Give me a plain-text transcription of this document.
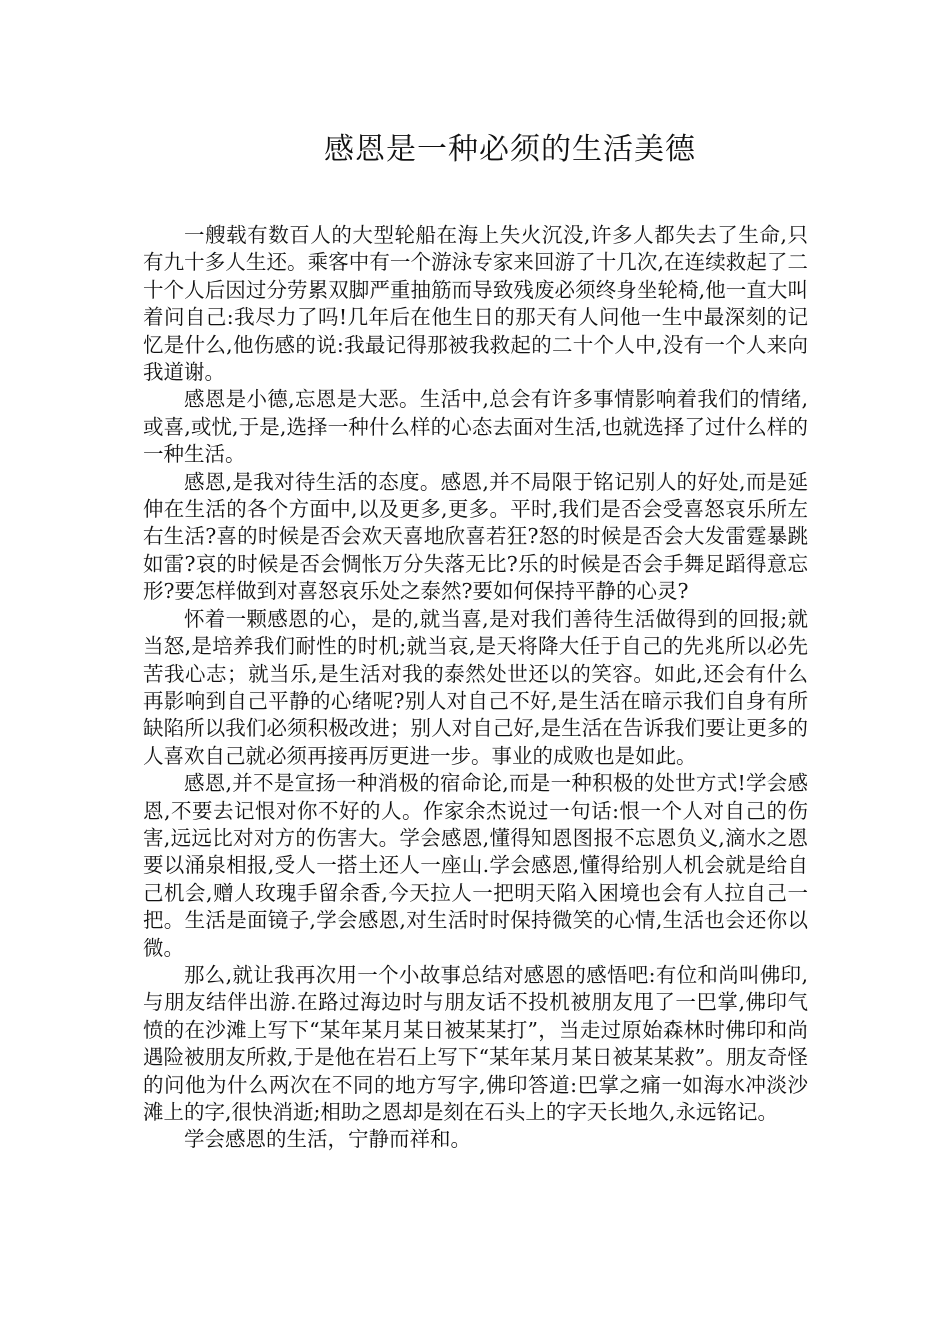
感恩是一种必须的生活美德

一艘载有数百人的大型轮船在海上失火沉没,许多人都失去了生命,只有九十多人生还。乘客中有一个游泳专家来回游了十几次,在连续救起了二十个人后因过分劳累双脚严重抽筋而导致残废必须终身坐轮椅,他一直大叫着问自己:我尽力了吗!几年后在他生日的那天有人问他一生中最深刻的记忆是什么,他伤感的说:我最记得那被我救起的二十个人中,没有一个人来向我道谢。

感恩是小德,忘恩是大恶。生活中,总会有许多事情影响着我们的情绪,或喜,或忧,于是,选择一种什么样的心态去面对生活,也就选择了过什么样的一种生活。

感恩,是我对待生活的态度。感恩,并不局限于铭记别人的好处,而是延伸在生活的各个方面中,以及更多,更多。平时,我们是否会受喜怒哀乐所左右生活?喜的时候是否会欢天喜地欣喜若狂?怒的时候是否会大发雷霆暴跳如雷?哀的时候是否会惆怅万分失落无比?乐的时候是否会手舞足蹈得意忘形?要怎样做到对喜怒哀乐处之泰然?要如何保持平静的心灵?

怀着一颗感恩的心，是的,就当喜,是对我们善待生活做得到的回报;就当怒,是培养我们耐性的时机;就当哀,是天将降大任于自己的先兆所以必先苦我心志；就当乐,是生活对我的泰然处世还以的笑容。如此,还会有什么再影响到自己平静的心绪呢?别人对自己不好,是生活在暗示我们自身有所缺陷所以我们必须积极改进；别人对自己好,是生活在告诉我们要让更多的人喜欢自己就必须再接再厉更进一步。事业的成败也是如此。

感恩,并不是宣扬一种消极的宿命论,而是一种积极的处世方式!学会感恩,不要去记恨对你不好的人。作家余杰说过一句话:恨一个人对自己的伤害,远远比对对方的伤害大。学会感恩,懂得知恩图报不忘恩负义,滴水之恩要以涌泉相报,受人一搭土还人一座山.学会感恩,懂得给别人机会就是给自己机会,赠人玫瑰手留余香,今天拉人一把明天陷入困境也会有人拉自己一把。生活是面镜子,学会感恩,对生活时时保持微笑的心情,生活也会还你以微。

那么,就让我再次用一个小故事总结对感恩的感悟吧:有位和尚叫佛印,与朋友结伴出游.在路过海边时与朋友话不投机被朋友甩了一巴掌,佛印气愤的在沙滩上写下“某年某月某日被某某打”，当走过原始森林时佛印和尚遇险被朋友所救,于是他在岩石上写下“某年某月某日被某某救”。朋友奇怪的问他为什么两次在不同的地方写字,佛印答道:巴掌之痛一如海水冲淡沙滩上的字,很快消逝;相助之恩却是刻在石头上的字天长地久,永远铭记。

学会感恩的生活，宁静而祥和。
